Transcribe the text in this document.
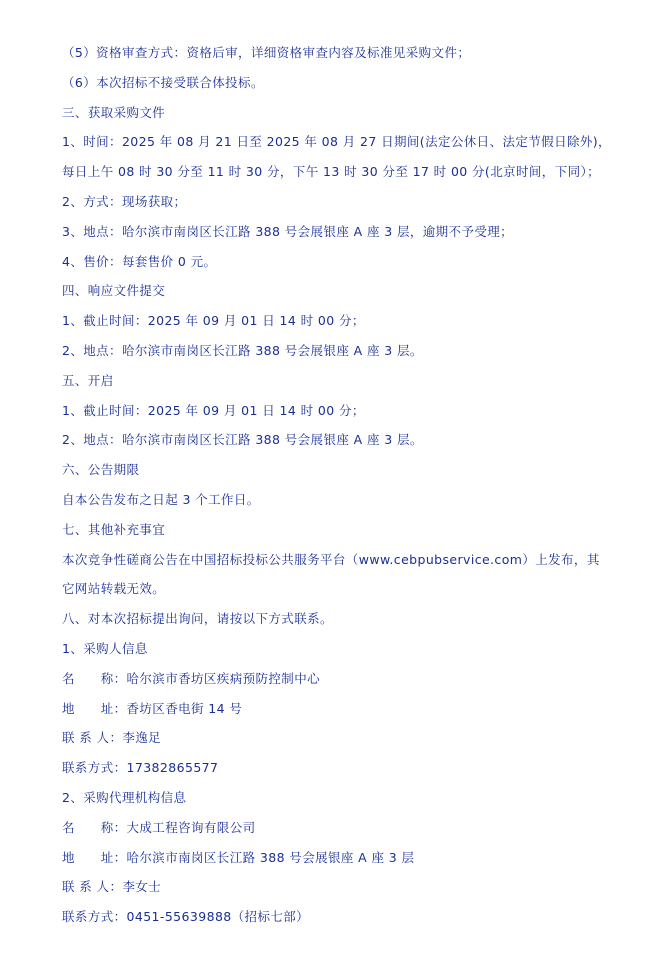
（5）资格审查方式：资格后审，详细资格审查内容及标准见采购文件；
（6）本次招标不接受联合体投标。
三、获取采购文件
1、时间：2025 年 08 月 21 日至 2025 年 08 月 27 日期间(法定公休日、法定节假日除外)，
每日上午 08 时 30 分至 11 时 30 分，下午 13 时 30 分至 17 时 00 分(北京时间，下同）；
2、方式：现场获取；
3、地点：哈尔滨市南岗区长江路 388 号会展银座 A 座 3 层，逾期不予受理；
4、售价：每套售价 0 元。
四、响应文件提交
1、截止时间：2025 年 09 月 01 日 14 时 00 分；
2、地点：哈尔滨市南岗区长江路 388 号会展银座 A 座 3 层。
五、开启
1、截止时间：2025 年 09 月 01 日 14 时 00 分；
2、地点：哈尔滨市南岗区长江路 388 号会展银座 A 座 3 层。
六、公告期限
自本公告发布之日起 3 个工作日。
七、其他补充事宜
本次竞争性磋商公告在中国招标投标公共服务平台（www.cebpubservice.com）上发布，其
它网站转载无效。
八、对本次招标提出询问，请按以下方式联系。
1、采购人信息
名　　称：哈尔滨市香坊区疾病预防控制中心
地　　址：香坊区香电街 14 号
联 系 人：李逸足
联系方式：17382865577
2、采购代理机构信息
名　　称：大成工程咨询有限公司
地　　址：哈尔滨市南岗区长江路 388 号会展银座 A 座 3 层
联 系 人：李女士
联系方式：0451-55639888（招标七部）
